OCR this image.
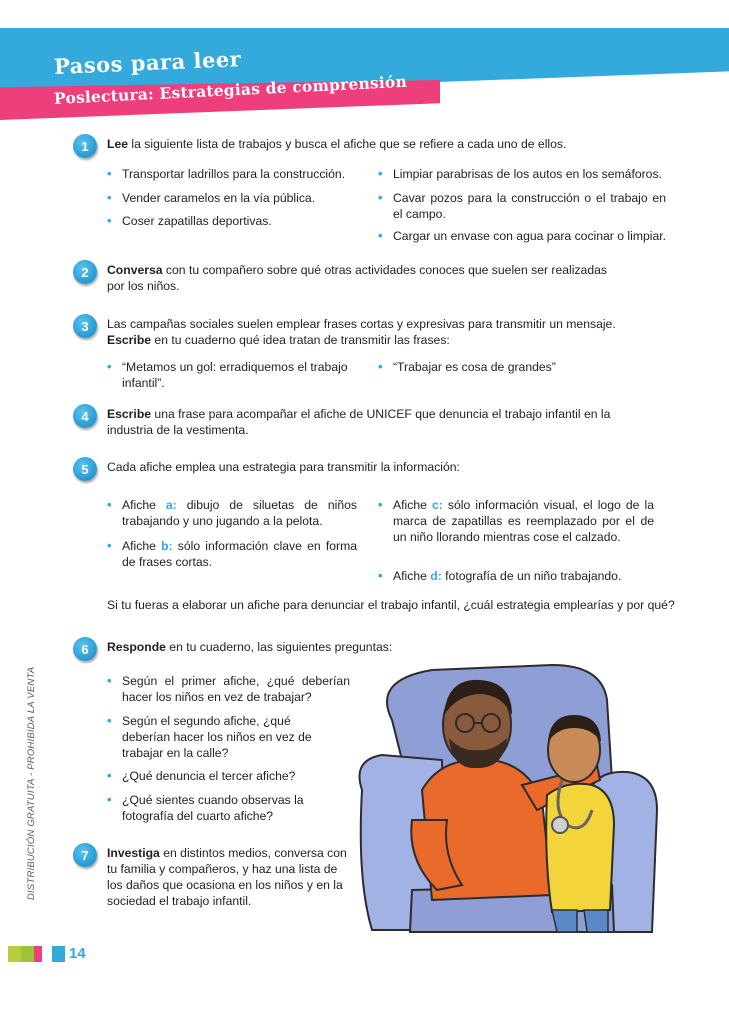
Pasos para leer
Poslectura: Estrategias de comprensión
DISTRIBUCIÓN GRATUITA - PROHIBIDA LA VENTA
1	Lee la siguiente lista de trabajos y busca el afiche que se refiere a cada uno de ellos.
• Transportar ladrillos para la construcción.
• Vender caramelos en la vía pública.
• Coser zapatillas deportivas.
• Limpiar parabrisas de los autos en los semáforos.
• Cavar pozos para la construcción o el trabajo en el campo.
• Cargar un envase con agua para cocinar o limpiar.
2	Conversa con tu compañero sobre qué otras actividades conoces que suelen ser realizadas por los niños.
3	Las campañas sociales suelen emplear frases cortas y expresivas para transmitir un mensaje.
Escribe en tu cuaderno qué idea tratan de transmitir las frases:
• “Metamos un gol: erradiquemos el trabajo infantil”.
• “Trabajar es cosa de grandes”
4	Escribe una frase para acompañar el afiche de UNICEF que denuncia el trabajo infantil en la industria de la vestimenta.
5	Cada afiche emplea una estrategia para transmitir la información:
• Afiche a: dibujo de siluetas de niños trabajando y uno jugando a la pelota.
• Afiche b: sólo información clave en forma de frases cortas.
• Afiche c: sólo información visual, el logo de la marca de zapatillas es reemplazado por el de un niño llorando mientras cose el calzado.
• Afiche d: fotografía de un niño trabajando.
Si tu fueras a elaborar un afiche para denunciar el trabajo infantil, ¿cuál estrategia emplearías y por qué?
6	Responde en tu cuaderno, las siguientes preguntas:
• Según el primer afiche, ¿qué deberían hacer los niños en vez de trabajar?
• Según el segundo afiche, ¿qué deberían hacer los niños en vez de trabajar en la calle?
• ¿Qué denuncia el tercer afiche?
• ¿Qué sientes cuando observas la fotografía del cuarto afiche?
7	Investiga en distintos medios, conversa con tu familia y compañeros, y haz una lista de los daños que ocasiona en los niños y en la sociedad el trabajo infantil.
14
